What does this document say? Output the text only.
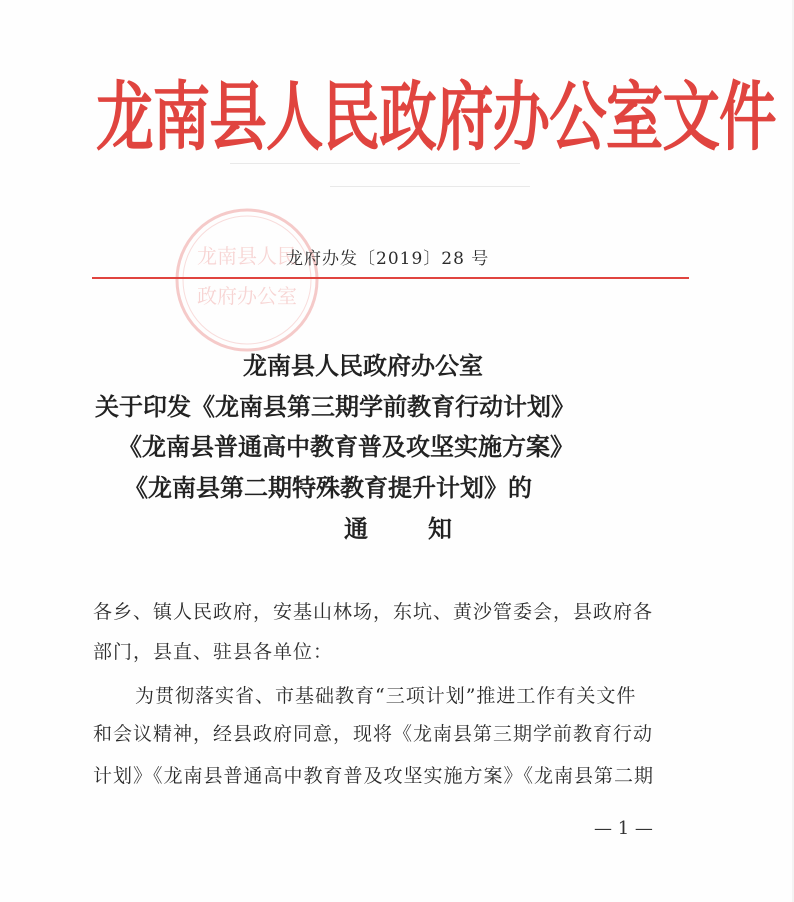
龙南县人民政府办公室文件
龙南县人民
政府办公室
龙府办发〔2019〕28 号
龙南县人民政府办公室
关于印发《龙南县第三期学前教育行动计划》
《龙南县普通高中教育普及攻坚实施方案》
《龙南县第二期特殊教育提升计划》的
通知
各乡、镇人民政府，安基山林场，东坑、黄沙管委会，县政府各
部门，县直、驻县各单位：
为贯彻落实省、市基础教育“三项计划”推进工作有关文件
和会议精神，经县政府同意，现将《龙南县第三期学前教育行动
计划》《龙南县普通高中教育普及攻坚实施方案》《龙南县第二期
— 1 —
